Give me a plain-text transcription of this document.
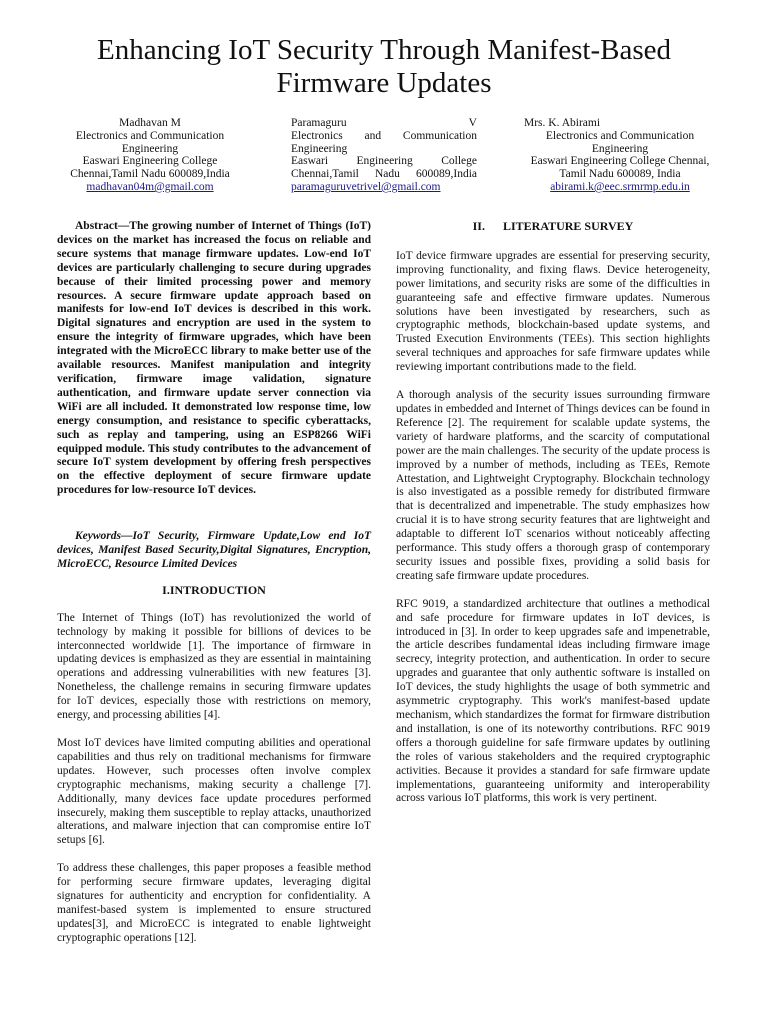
Enhancing IoT Security Through Manifest-Based Firmware Updates
Madhavan M
Electronics and Communication
Engineering
Easwari Engineering College
Chennai,Tamil Nadu 600089,India
madhavan04m@gmail.com
Paramaguru V
Electronics and Communication
Engineering
Easwari Engineering College
Chennai,Tamil Nadu 600089,India
paramaguruvetrivel@gmail.com
Mrs. K. Abirami
Electronics and Communication
Engineering
Easwari Engineering College Chennai,
Tamil Nadu 600089, India
abirami.k@eec.srmrmp.edu.in

Abstract—The growing number of Internet of Things (IoT) devices on the market has increased the focus on reliable and secure systems that manage firmware updates. Low-end IoT devices are particularly challenging to secure during upgrades because of their limited processing power and memory resources. A secure firmware update approach based on manifests for low-end IoT devices is described in this work. Digital signatures and encryption are used in the system to ensure the integrity of firmware upgrades, which have been integrated with the MicroECC library to make better use of the available resources. Manifest manipulation and integrity verification, firmware image validation, signature authentication, and firmware update server connection via WiFi are all included. It demonstrated low response time, low energy consumption, and resistance to specific cyberattacks, such as replay and tampering, using an ESP8266 WiFi equipped module. This study contributes to the advancement of secure IoT system development by offering fresh perspectives on the effective deployment of secure firmware update procedures for low-resource IoT devices.

Keywords—IoT Security, Firmware Update,Low end IoT devices, Manifest Based Security,Digital Signatures, Encryption, MicroECC, Resource Limited Devices

I.INTRODUCTION

The Internet of Things (IoT) has revolutionized the world of technology by making it possible for billions of devices to be interconnected worldwide [1]. The importance of firmware in updating devices is emphasized as they are essential in maintaining operations and addressing vulnerabilities with new features [3]. Nonetheless, the challenge remains in securing firmware updates for IoT devices, especially those with restrictions on memory, energy, and processing abilities [4].

Most IoT devices have limited computing abilities and operational capabilities and thus rely on traditional mechanisms for firmware updates. However, such processes often involve complex cryptographic mechanisms, making security a challenge [7]. Additionally, many devices face update procedures performed insecurely, making them susceptible to replay attacks, unauthorized alterations, and malware injection that can compromise entire IoT setups [6].

To address these challenges, this paper proposes a feasible method for performing secure firmware updates, leveraging digital signatures for authenticity and encryption for confidentiality. A manifest-based system is implemented to ensure structured updates[3], and MicroECC is integrated to enable lightweight cryptographic operations [12].

II.      LITERATURE SURVEY

IoT device firmware upgrades are essential for preserving security, improving functionality, and fixing flaws. Device heterogeneity, power limitations, and security risks are some of the difficulties in guaranteeing safe and effective firmware updates. Numerous solutions have been investigated by researchers, such as cryptographic methods, blockchain-based update systems, and Trusted Execution Environments (TEEs). This section highlights several techniques and approaches for safe firmware updates while reviewing important contributions made to the field.

A thorough analysis of the security issues surrounding firmware updates in embedded and Internet of Things devices can be found in Reference [2]. The requirement for scalable update systems, the variety of hardware platforms, and the scarcity of computational power are the main challenges. The security of the update process is improved by a number of methods, including as TEEs, Remote Attestation, and Lightweight Cryptography. Blockchain technology is also investigated as a possible remedy for distributed firmware that is decentralized and impenetrable. The study emphasizes how crucial it is to have strong security features that are lightweight and adaptable to different IoT scenarios without noticeably affecting performance. This study offers a thorough grasp of contemporary security issues and possible fixes, providing a solid basis for creating safe firmware update procedures.

RFC 9019, a standardized architecture that outlines a methodical and safe procedure for firmware updates in IoT devices, is introduced in [3]. In order to keep upgrades safe and impenetrable, the article describes fundamental ideas including firmware image secrecy, integrity protection, and authentication. In order to secure upgrades and guarantee that only authentic software is installed on IoT devices, the study highlights the usage of both symmetric and asymmetric cryptography. This work's manifest-based update mechanism, which standardizes the format for firmware distribution and installation, is one of its noteworthy contributions. RFC 9019 offers a thorough guideline for safe firmware updates by outlining the roles of various stakeholders and the required cryptographic activities. Because it provides a standard for safe firmware update implementations, guaranteeing uniformity and interoperability across various IoT platforms, this work is very pertinent.
